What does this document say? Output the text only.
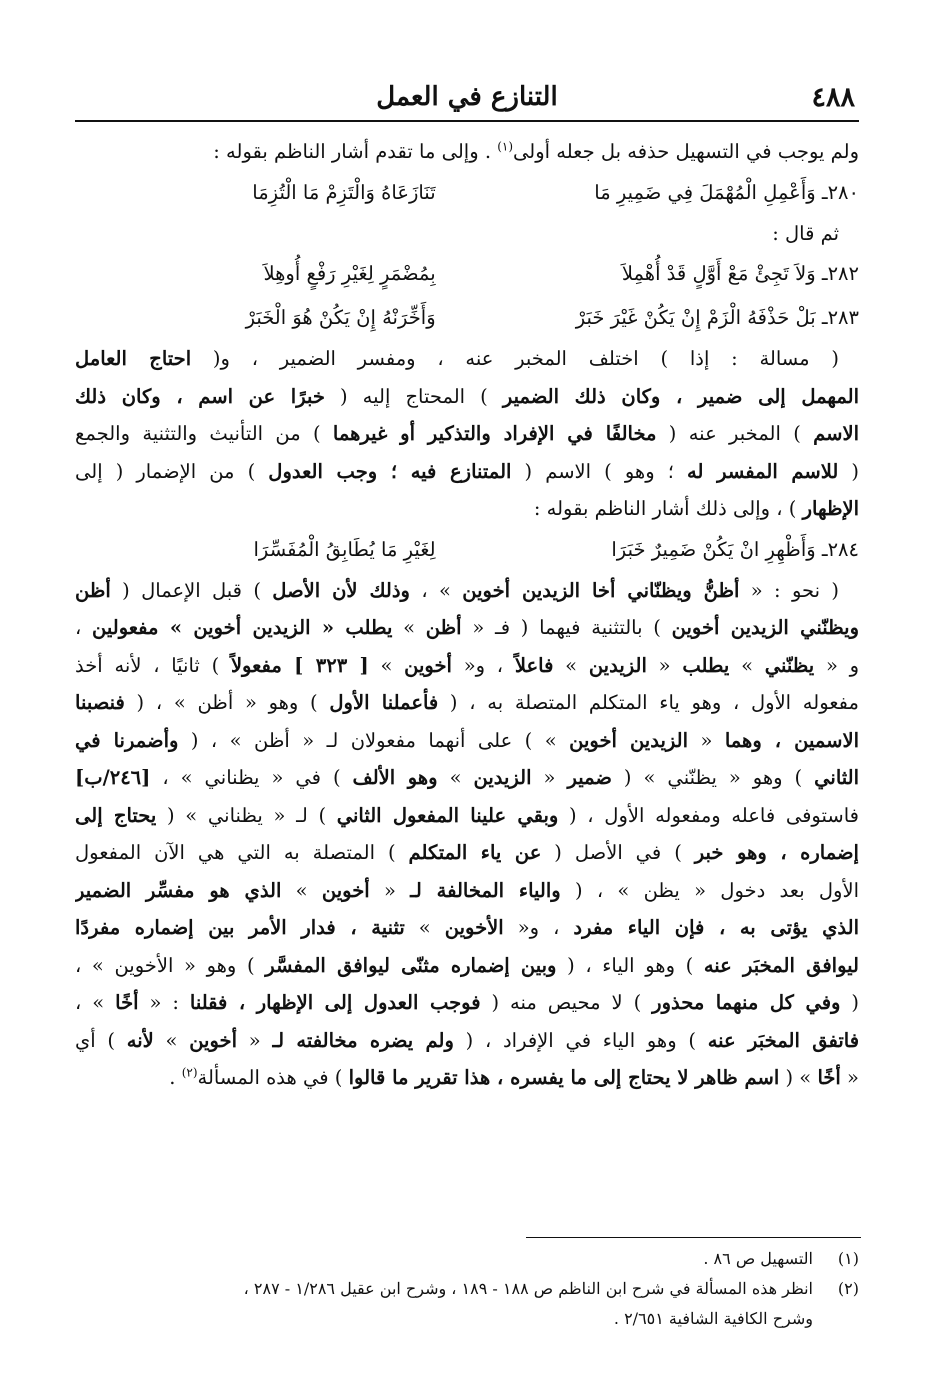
٤٨٨
التنازع في العمل
ولم يوجب في التسهيل حذفه بل جعله أولى$^{(١)}$ . وإلى ما تقدم أشار الناظم بقوله :
٢٨٠ـ وَأَعْمِلِ الْمُهْمَلَ فِي ضَمِيرِ مَا
تَنَازَعَاهُ وَالْتَزِمْ مَا الْتُزِمَا
ثم قال :
٢٨٢ـ وَلاَ تَجِئْ مَعْ أَوَّلٍ قَدْ أُهْمِلاَ
بِمُضْمَرٍ لِغَيْرِ رَفْعٍ أُوهِلاَ
٢٨٣ـ بَلْ حَذْفَهُ الْزَمْ إِنْ يَكُنْ غَيْرَ خَبَرْ
وَأَخِّرَنْهُ إِنْ يَكُنْ هُوَ الْخَبَرْ
( مسالة : إذا ) اختلف المخبر عنه ، ومفسر الضمير ، و( احتاج العامل
المهمل إلى ضمير ، وكان ذلك الضمير ) المحتاج إليه ( خبرًا عن اسم ، وكان ذلك
الاسم ) المخبر عنه ( مخالفًا في الإفراد والتذكير أو غيرهما ) من التأنيث والتثنية والجمع
( للاسم المفسر له ؛ وهو ) الاسم ( المتنازع فيه ؛ وجب العدول ) من الإضمار ( إلى
الإظهار ) ، وإلى ذلك أشار الناظم بقوله :
٢٨٤ـ وَأَظْهِرِ انْ يَكُنْ ضَمِيرٌ خَبَرَا
لِغَيْرِ مَا يُطَابِقُ الْمُفَسِّرَا
( نحو : « أظنُّ ويظنّاني أخا الزيدين أخوين » ، وذلك لأن الأصل ) قبل الإعمال ( أظن
ويظنّني الزيدين أخوين ) بالتثنية فيهما ( فـ « أظن » يطلب « الزيدين أخوين » مفعولين ،
و « يظنّني » يطلب « الزيدين » فاعلاً ، و« أخوين » [ ٣٢٣ ] مفعولاً ) ثانيًا ، لأنه أخذ
مفعوله الأول ، وهو ياء المتكلم المتصلة به ، ( فأعملنا الأول ) وهو « أظن » ، ( فنصبنا
الاسمين ، وهما « الزيدين أخوين » ) على أنهما مفعولان لـ « أظن » ، ( وأضمرنا في
الثاني ) وهو « يظنّني » ( ضمير « الزيدين » وهو الألف ) في « يظناني » ، [٢٤٦/ب]
فاستوفى فاعله ومفعوله الأول ، ( وبقي علينا المفعول الثاني ) لـ « يظناني » ( يحتاج إلى
إضماره ، وهو خبر ) في الأصل ( عن ياء المتكلم ) المتصلة به التي هي الآن المفعول
الأول بعد دخول « يظن » ، ( والياء المخالفة لـ « أخوين » الذي هو مفسِّر الضمير
الذي يؤتى به ، فإن الياء مفرد ، و« الأخوين » تثنية ، فدار الأمر بين إضماره مفردًا
ليوافق المخبَر عنه ) وهو الياء ، ( وبين إضماره مثنّى ليوافق المفسَّر ) وهو « الأخوين » ،
( وفي كل منهما محذور ) لا محيص منه ( فوجب العدول إلى الإظهار ، فقلنا : « أخًا » ،
فاتفق المخبَر عنه ) وهو الياء في الإفراد ، ( ولم يضره مخالفته لـ « أخوين » لأنه ) أي
« أخًا » ( اسم ظاهر لا يحتاج إلى ما يفسره ، هذا تقرير ما قالوا ) في هذه المسألة$^{(٢)}$ .
(١)التسهيل ص ٨٦ .
(٢)انظر هذه المسألة في شرح ابن الناظم ص ١٨٨ - ١٨٩ ، وشرح ابن عقيل ١/٢٨٦ - ٢٨٧ ،
وشرح الكافية الشافية ٢/٦٥١ .
